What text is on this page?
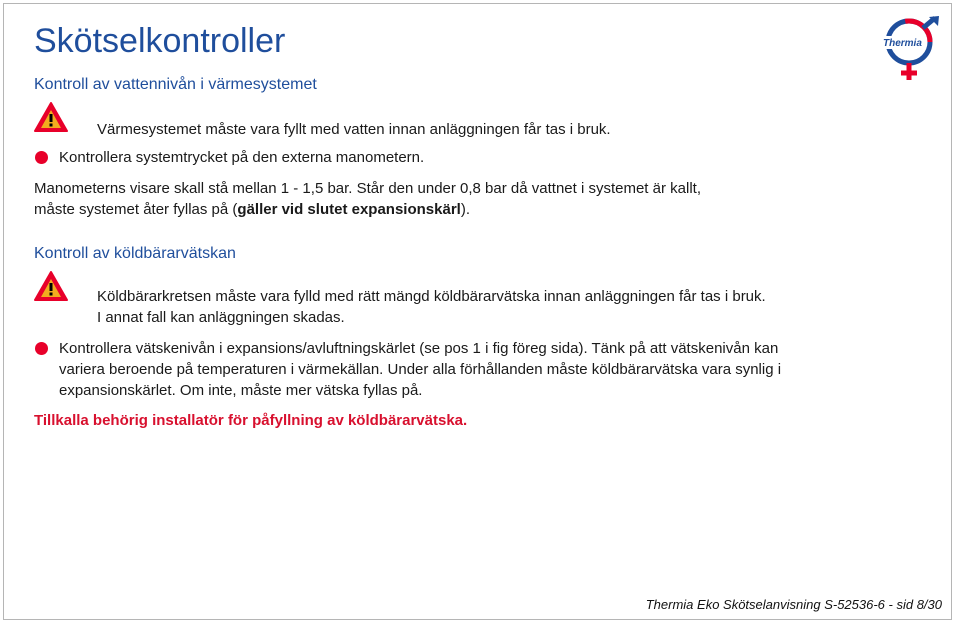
Skötselkontroller	Thermia
Kontroll av vattennivån i värmesystemet
Värmesystemet måste vara fyllt med vatten innan anläggningen får tas i bruk.
Kontrollera systemtrycket på den externa manometern.
Manometerns visare skall stå mellan 1 - 1,5 bar. Står den under 0,8 bar då vattnet i systemet är kallt,
måste systemet åter fyllas på (gäller vid slutet expansionskärl).
Kontroll av köldbärarvätskan
Köldbärarkretsen måste vara fylld med rätt mängd köldbärarvätska innan anläggningen får tas i bruk.
I annat fall kan anläggningen skadas.
Kontrollera vätskenivån i expansions/avluftningskärlet (se pos 1 i fig föreg sida). Tänk på att vätskenivån kan
variera beroende på temperaturen i värmekällan. Under alla förhållanden måste köldbärarvätska vara synlig i
expansionskärlet. Om inte, måste mer vätska fyllas på.
Tillkalla behörig installatör för påfyllning av köldbärarvätska.
Thermia Eko Skötselanvisning S-52536-6 - sid 8/30
